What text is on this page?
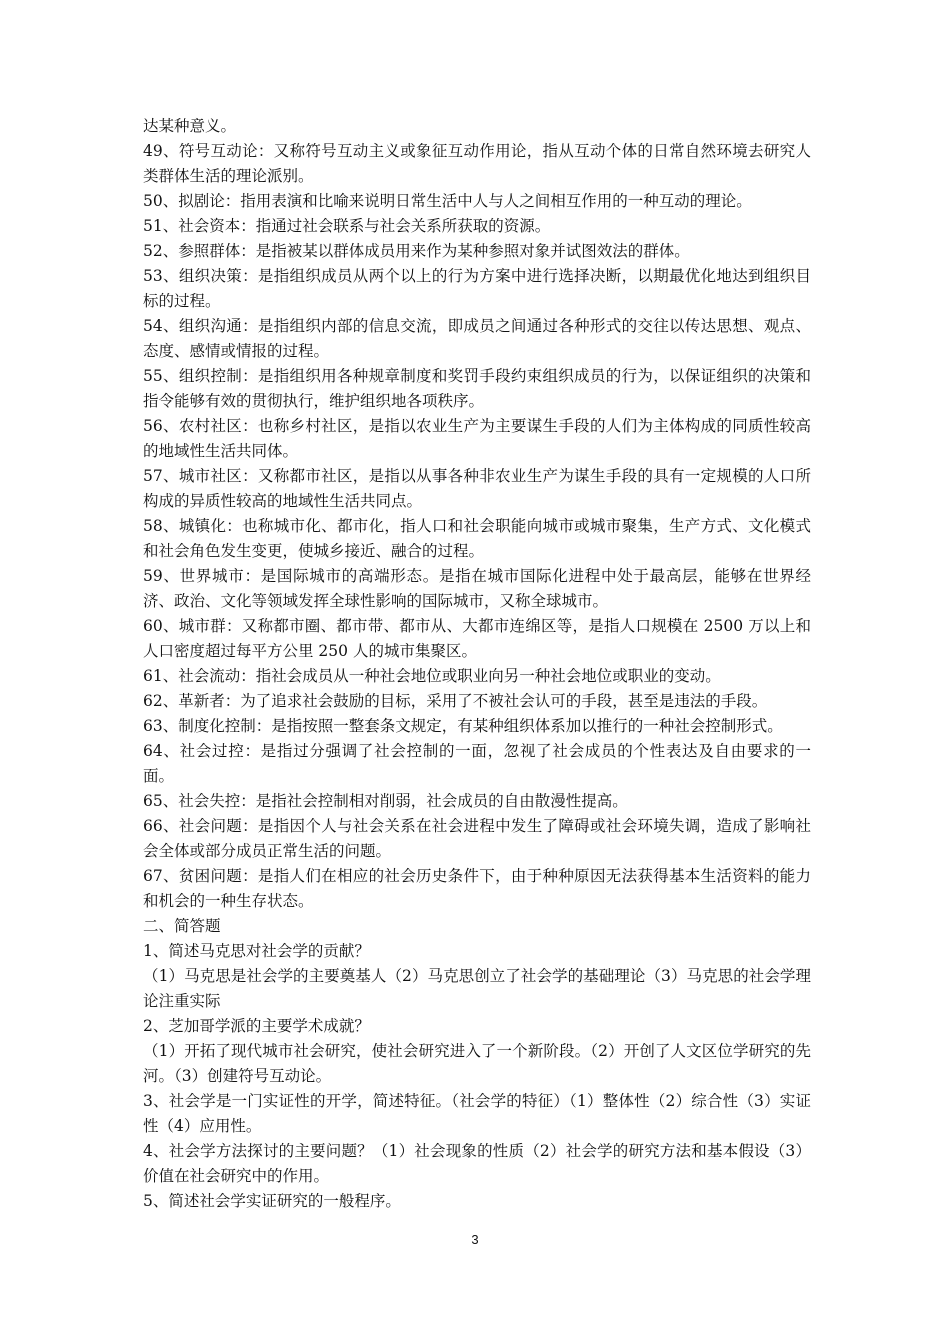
达某种意义。

49、符号互动论：又称符号互动主义或象征互动作用论，指从互动个体的日常自然环境去研究人类群体生活的理论派别。

50、拟剧论：指用表演和比喻来说明日常生活中人与人之间相互作用的一种互动的理论。

51、社会资本：指通过社会联系与社会关系所获取的资源。

52、参照群体：是指被某以群体成员用来作为某种参照对象并试图效法的群体。

53、组织决策：是指组织成员从两个以上的行为方案中进行选择决断，以期最优化地达到组织目标的过程。

54、组织沟通：是指组织内部的信息交流，即成员之间通过各种形式的交往以传达思想、观点、态度、感情或情报的过程。

55、组织控制：是指组织用各种规章制度和奖罚手段约束组织成员的行为，以保证组织的决策和指令能够有效的贯彻执行，维护组织地各项秩序。

56、农村社区：也称乡村社区，是指以农业生产为主要谋生手段的人们为主体构成的同质性较高的地域性生活共同体。

57、城市社区：又称都市社区，是指以从事各种非农业生产为谋生手段的具有一定规模的人口所构成的异质性较高的地域性生活共同点。

58、城镇化：也称城市化、都市化，指人口和社会职能向城市或城市聚集，生产方式、文化模式和社会角色发生变更，使城乡接近、融合的过程。

59、世界城市：是国际城市的高端形态。是指在城市国际化进程中处于最高层，能够在世界经济、政治、文化等领域发挥全球性影响的国际城市，又称全球城市。

60、城市群：又称都市圈、都市带、都市从、大都市连绵区等，是指人口规模在 2500 万以上和人口密度超过每平方公里 250 人的城市集聚区。

61、社会流动：指社会成员从一种社会地位或职业向另一种社会地位或职业的变动。

62、革新者：为了追求社会鼓励的目标，采用了不被社会认可的手段，甚至是违法的手段。

63、制度化控制：是指按照一整套条文规定，有某种组织体系加以推行的一种社会控制形式。

64、社会过控：是指过分强调了社会控制的一面，忽视了社会成员的个性表达及自由要求的一面。

65、社会失控：是指社会控制相对削弱，社会成员的自由散漫性提高。

66、社会问题：是指因个人与社会关系在社会进程中发生了障碍或社会环境失调，造成了影响社会全体或部分成员正常生活的问题。

67、贫困问题：是指人们在相应的社会历史条件下，由于种种原因无法获得基本生活资料的能力和机会的一种生存状态。

二、简答题

1、简述马克思对社会学的贡献？

（1）马克思是社会学的主要奠基人（2）马克思创立了社会学的基础理论（3）马克思的社会学理论注重实际

2、芝加哥学派的主要学术成就？

（1）开拓了现代城市社会研究，使社会研究进入了一个新阶段。（2）开创了人文区位学研究的先河。（3）创建符号互动论。

3、社会学是一门实证性的开学，简述特征。（社会学的特征）（1）整体性（2）综合性（3）实证性（4）应用性。

4、社会学方法探讨的主要问题？（1）社会现象的性质（2）社会学的研究方法和基本假设（3）价值在社会研究中的作用。

5、简述社会学实证研究的一般程序。

3
